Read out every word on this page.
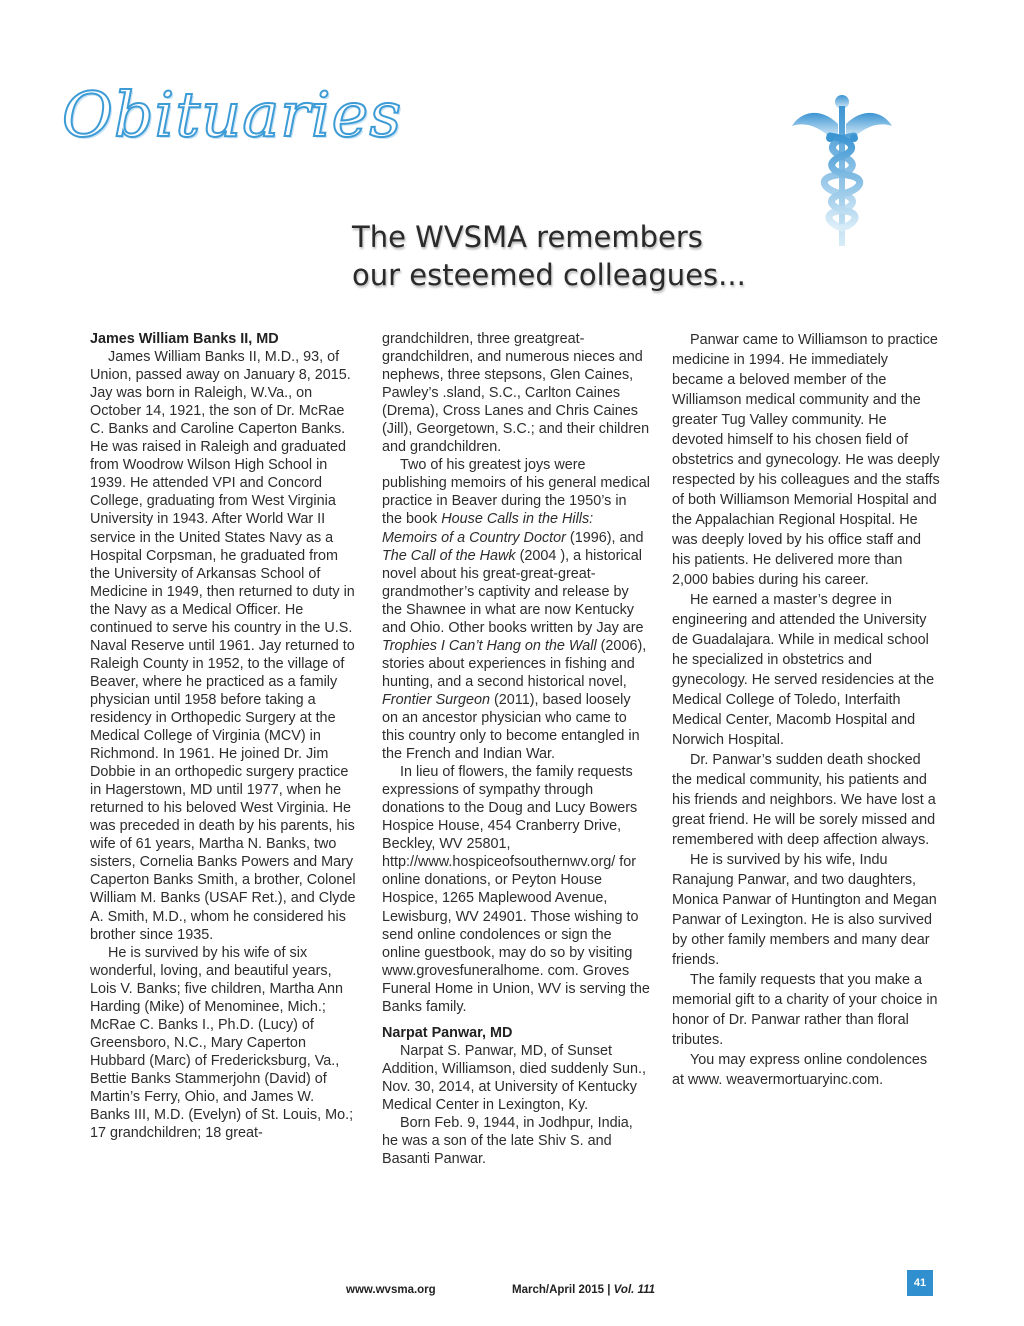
Obituaries
The WVSMA remembers
our esteemed colleagues...
James William Banks II, MD

James William Banks II, M.D., 93, of Union, passed away on January 8, 2015. Jay was born in Raleigh, W.Va., on October 14, 1921, the son of Dr. McRae C. Banks and Caroline Caperton Banks. He was raised in Raleigh and graduated from Woodrow Wilson High School in 1939. He attended VPI and Concord College, graduating from West Virginia University in 1943. After World War II service in the United States Navy as a Hospital Corpsman, he graduated from the University of Arkansas School of Medicine in 1949, then returned to duty in the Navy as a Medical Officer. He continued to serve his country in the U.S. Naval Reserve until 1961. Jay returned to Raleigh County in 1952, to the village of Beaver, where he practiced as a family physician until 1958 before taking a residency in Orthopedic Surgery at the Medical College of Virginia (MCV) in Richmond. In 1961. He joined Dr. Jim Dobbie in an orthopedic surgery practice in Hagerstown, MD until 1977, when he returned to his beloved West Virginia. He was preceded in death by his parents, his wife of 61 years, Martha N. Banks, two sisters, Cornelia Banks Powers and Mary Caperton Banks Smith, a brother, Colonel William M. Banks (USAF Ret.), and Clyde A. Smith, M.D., whom he considered his brother since 1935.

He is survived by his wife of six wonderful, loving, and beautiful years, Lois V. Banks; five children, Martha Ann Harding (Mike) of Menominee, Mich.; McRae C. Banks I., Ph.D. (Lucy) of Greensboro, N.C., Mary Caperton Hubbard (Marc) of Fredericksburg, Va., Bettie Banks Stammerjohn (David) of Martin’s Ferry, Ohio, and James W. Banks III, M.D. (Evelyn) of St. Louis, Mo.; 17 grandchildren; 18 great-

grandchildren, three greatgreat-grandchildren, and numerous nieces and nephews, three stepsons, Glen Caines, Pawley’s .sland, S.C., Carlton Caines (Drema), Cross Lanes and Chris Caines (Jill), Georgetown, S.C.; and their children and grandchildren.

Two of his greatest joys were publishing memoirs of his general medical practice in Beaver during the 1950’s in the book House Calls in the Hills: Memoirs of a Country Doctor (1996), and The Call of the Hawk (2004 ), a historical novel about his great-great-great-grandmother’s captivity and release by the Shawnee in what are now Kentucky and Ohio. Other books written by Jay are Trophies I Can’t Hang on the Wall (2006), stories about experiences in fishing and hunting, and a second historical novel, Frontier Surgeon (2011), based loosely on an ancestor physician who came to this country only to become entangled in the French and Indian War.

In lieu of flowers, the family requests expressions of sympathy through donations to the Doug and Lucy Bowers Hospice House, 454 Cranberry Drive, Beckley, WV 25801, http://www.hospiceofsouthernwv.org/ for online donations, or Peyton House Hospice, 1265 Maplewood Avenue, Lewisburg, WV 24901. Those wishing to send online condolences or sign the online guestbook, may do so by visiting www.grovesfuneralhome. com. Groves Funeral Home in Union, WV is serving the Banks family.

Narpat Panwar, MD

Narpat S. Panwar, MD, of Sunset Addition, Williamson, died suddenly Sun., Nov. 30, 2014, at University of Kentucky Medical Center in Lexington, Ky.

Born Feb. 9, 1944, in Jodhpur, India, he was a son of the late Shiv S. and Basanti Panwar.

Panwar came to Williamson to practice medicine in 1994. He immediately became a beloved member of the Williamson medical community and the greater Tug Valley community. He devoted himself to his chosen field of obstetrics and gynecology. He was deeply respected by his colleagues and the staffs of both Williamson Memorial Hospital and the Appalachian Regional Hospital. He was deeply loved by his office staff and his patients. He delivered more than 2,000 babies during his career.

He earned a master’s degree in engineering and attended the University de Guadalajara. While in medical school he specialized in obstetrics and gynecology. He served residencies at the Medical College of Toledo, Interfaith Medical Center, Macomb Hospital and Norwich Hospital.

Dr. Panwar’s sudden death shocked the medical community, his patients and his friends and neighbors. We have lost a great friend. He will be sorely missed and remembered with deep affection always.

He is survived by his wife, Indu Ranajung Panwar, and two daughters, Monica Panwar of Huntington and Megan Panwar of Lexington. He is also survived by other family members and many dear friends.

The family requests that you make a memorial gift to a charity of your choice in honor of Dr. Panwar rather than floral tributes.

You may express online condolences at www. weavermortuaryinc.com.

www.wvsma.org	March/April 2015 | Vol. 111
41
